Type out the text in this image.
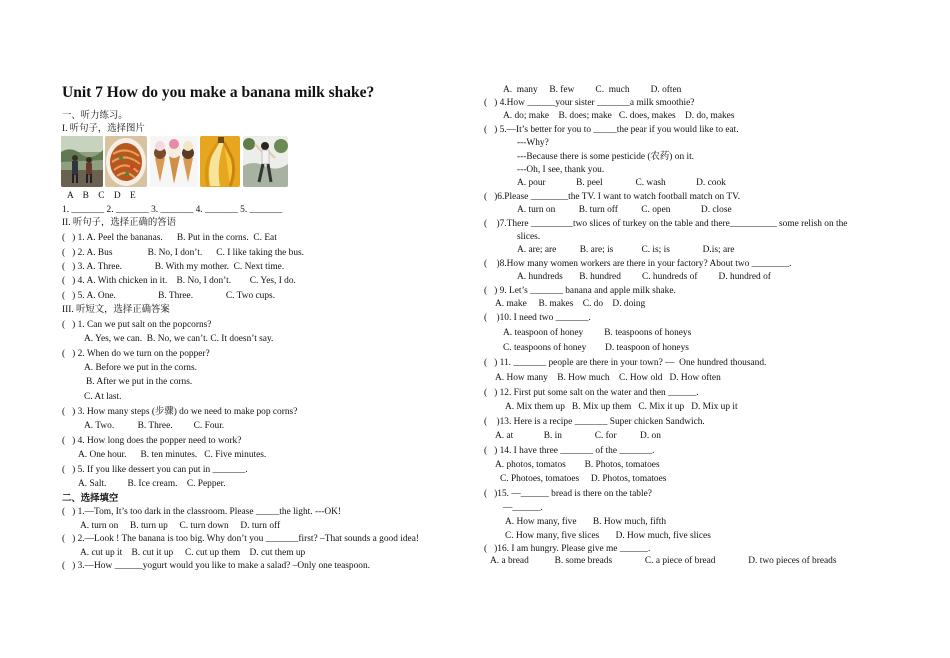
Unit 7 How do you make a banana milk shake?
一、听力练习。
I. 听句子，选择图片
A    B    C    D    E
1. _______ 2. _______ 3. _______ 4. _______ 5. _______
II. 听句子，选择正确的答语
(   ) 1. A. Peel the bananas.      B. Put in the corns.  C. Eat
(   ) 2. A. Bus               B. No, I don’t.      C. I like taking the bus.
(   ) 3. A. Three.              B. With my mother.  C. Next time.
(   ) 4. A. With chicken in it.    B. No, I don’t.        C. Yes, I do.
(   ) 5. A. One.                  B. Three.              C. Two cups.
III. 听短文，选择正确答案
(   ) 1. Can we put salt on the popcorns?
A. Yes, we can.  B. No, we can’t. C. It doesn’t say.
(   ) 2. When do we turn on the popper?
A. Before we put in the corns.
B. After we put in the corns.
C. At last.
(   ) 3. How many steps (步骤) do we need to make pop corns?
A. Two.          B. Three.         C. Four.
(   ) 4. How long does the popper need to work?
A. One hour.      B. ten minutes.   C. Five minutes.
(   ) 5. If you like dessert you can put in _______.
A. Salt.         B. Ice cream.    C. Pepper.
二、选择填空
(   ) 1.—Tom, It’s too dark in the classroom. Please _____the light. ---OK!
A. turn on     B. turn up     C. turn down     D. turn off
(   ) 2.—Look ! The banana is too big. Why don’t you _______first? –That sounds a good idea!
A. cut up it    B. cut it up     C. cut up them    D. cut them up
(   ) 3.—How ______yogurt would you like to make a salad? –Only one teaspoon.
A.  many     B. few         C.  much         D. often
(   ) 4.How ______your sister _______a milk smoothie?
A. do; make    B. does; make   C. does, makes    D. do, makes
(   ) 5.—It’s better for you to _____the pear if you would like to eat.
---Why?
---Because there is some pesticide (农药) on it.
---Oh, I see, thank you.
A. pour             B. peel              C. wash             D. cook
(   )6.Please ________the TV. I want to watch football match on TV.
A. turn on          B. turn off          C. open             D. close
(    )7.There _________two slices of turkey on the table and there__________ some relish on the
slices.
A. are; are          B. are; is            C. is; is              D.is; are
(    )8.How many women workers are there in your factory? About two ________.
A. hundreds       B. hundred         C. hundreds of         D. hundred of
(   ) 9. Let’s _______ banana and apple milk shake.
A. make     B. makes    C. do    D. doing
(    )10. I need two _______.
A. teaspoon of honey         B. teaspoons of honeys
C. teaspoons of honey        D. teaspoon of honeys
(   ) 11. _______ people are there in your town? —  One hundred thousand.
A. How many    B. How much    C. How old   D. How often
(   ) 12. First put some salt on the water and then ______.
A. Mix them up   B. Mix up them   C. Mix it up   D. Mix up it
(    )13. Here is a recipe _______ Super chicken Sandwich.
A. at             B. in              C. for          D. on
(   ) 14. I have three _______ of the _______.
A. photos, tomatos        B. Photos, tomatoes
C. Photoes, tomatoes     D. Photos, tomatoes
(   )15. —______ bread is there on the table?
—______.
A. How many, five       B. How much, fifth
C. How many, five slices       D. How much, five slices
(   )16. I am hungry. Please give me ______.
A. a bread           B. some breads              C. a piece of bread              D. two pieces of breads
